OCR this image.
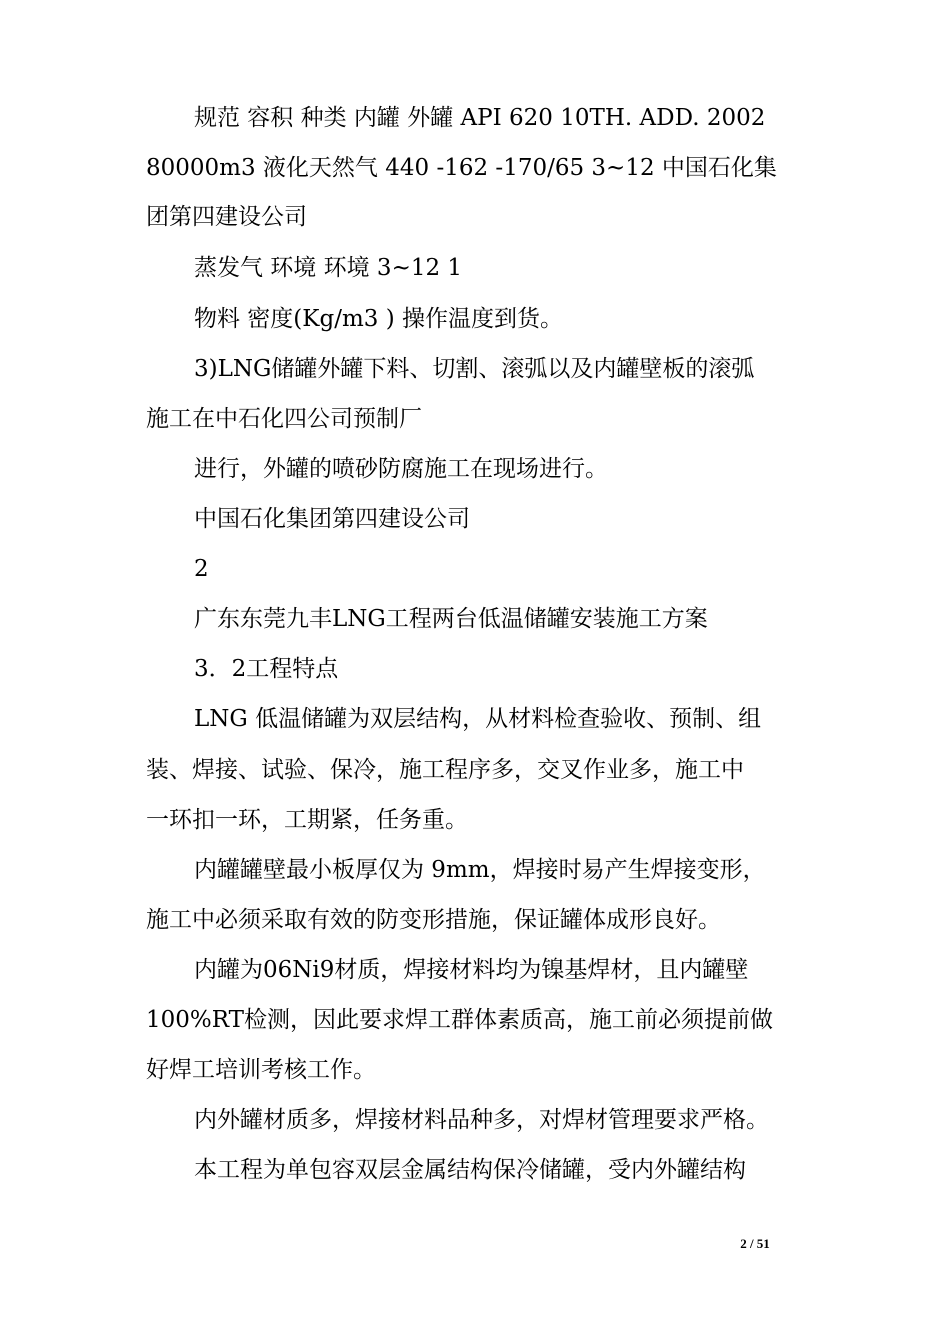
规范 容积 种类 内罐 外罐 API 620 10TH. ADD. 2002
80000m3 液化天然气 440 -162 -170/65 3~12 中国石化集
团第四建设公司
蒸发气 环境 环境 3~12 1
物料 密度(Kg/m3 ) 操作温度到货。
3)LNG储罐外罐下料、切割、滚弧以及内罐壁板的滚弧
施工在中石化四公司预制厂
进行，外罐的喷砂防腐施工在现场进行。
中国石化集团第四建设公司
2
广东东莞九丰LNG工程两台低温储罐安装施工方案
3．2工程特点
LNG 低温储罐为双层结构，从材料检查验收、预制、组
装、焊接、试验、保冷，施工程序多，交叉作业多，施工中
一环扣一环，工期紧，任务重。
内罐罐壁最小板厚仅为 9mm，焊接时易产生焊接变形，
施工中必须采取有效的防变形措施，保证罐体成形良好。
内罐为06Ni9材质，焊接材料均为镍基焊材，且内罐壁
100%RT检测，因此要求焊工群体素质高，施工前必须提前做
好焊工培训考核工作。
内外罐材质多，焊接材料品种多，对焊材管理要求严格。
本工程为单包容双层金属结构保冷储罐，受内外罐结构
2 / 51
